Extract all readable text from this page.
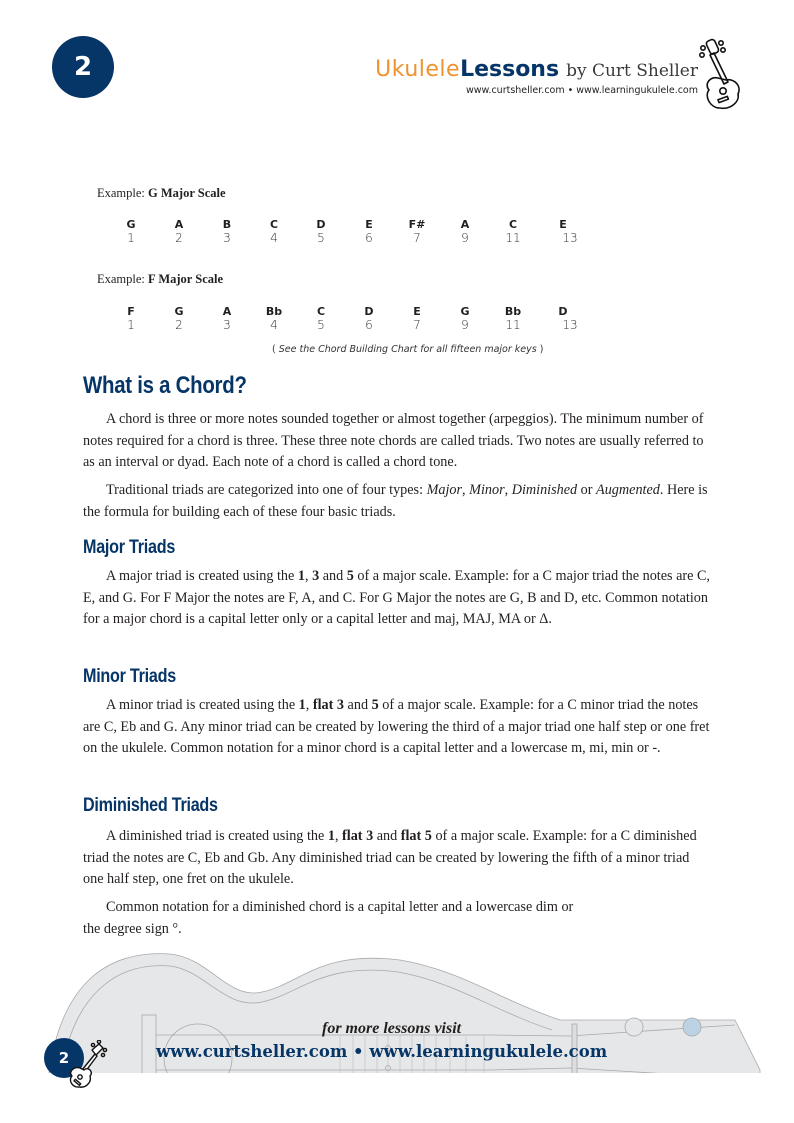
2	UkuleleLessons by Curt Sheller
www.curtsheller.com • www.learningukulele.com
Example: G Major Scale
G
1
A
2
B
3
C
4
D
5
E
6
F#
7
A
9
C
11
E
13
Example: F Major Scale
F
1
G
2
A
3
Bb
4
C
5
D
6
E
7
G
9
Bb
11
D
13
( See the Chord Building Chart for all fifteen major keys )
What is a Chord?

A chord is three or more notes sounded together or almost together (arpeggios). The minimum number of notes required for a chord is three. These three note chords are called triads. Two notes are usually referred to as an interval or dyad. Each note of a chord is called a chord tone.

Traditional triads are categorized into one of four types: Major, Minor, Diminished or Augmented. Here is the formula for building each of these four basic triads.

Major Triads

A major triad is created using the 1, 3 and 5 of a major scale. Example: for a C major triad the notes are C, E, and G. For F Major the notes are F, A, and C. For G Major the notes are G, B and D, etc. Common notation for a major chord is a capital letter only or a capital letter and maj, MAJ, MA or Δ.

Minor Triads

A minor triad is created using the 1, flat 3 and 5 of a major scale. Example: for a C minor triad the notes are C, Eb and G. Any minor triad can be created by lowering the third of a major triad one half step or one fret on the ukulele. Common notation for a minor chord is a capital letter and a lowercase m, mi, min or -.

Diminished Triads

A diminished triad is created using the 1, flat 3 and flat 5 of a major scale. Example: for a C diminished triad the notes are C, Eb and Gb. Any diminished triad can be created by lowering the fifth of a minor triad one half step, one fret on the ukulele.

Common notation for a diminished chord is a capital letter and a lowercase dim or
the degree sign °.

for more lessons visit
www.curtsheller.com • www.learningukulele.com
2
